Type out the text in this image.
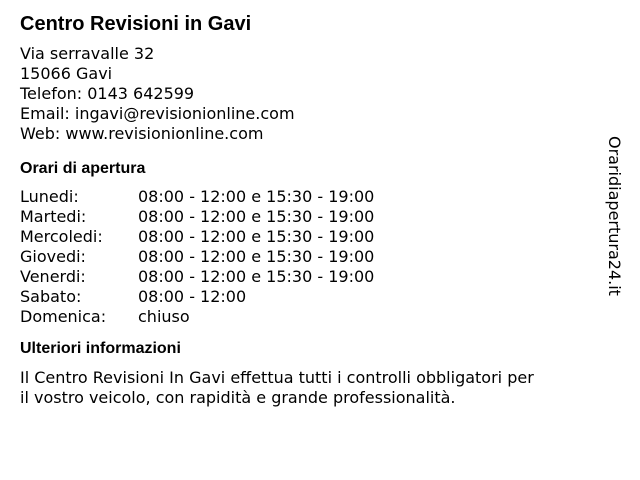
Centro Revisioni in Gavi
Via serravalle 32
15066 Gavi
Telefon: 0143 642599
Email: ingavi@revisionionline.com
Web: www.revisionionline.com
Orari di apertura
Lunedi:	08:00 - 12:00 e 15:30 - 19:00
Martedi:	08:00 - 12:00 e 15:30 - 19:00
Mercoledi: 08:00 - 12:00 e 15:30 - 19:00
Giovedi:	08:00 - 12:00 e 15:30 - 19:00
Venerdi:	08:00 - 12:00 e 15:30 - 19:00
Sabato:	08:00 - 12:00
Domenica: chiuso
Ulteriori informazioni

Il Centro Revisioni In Gavi effettua tutti i controlli obbligatori per
il vostro veicolo, con rapidità e grande professionalità.

Oraridiapertura24.it
